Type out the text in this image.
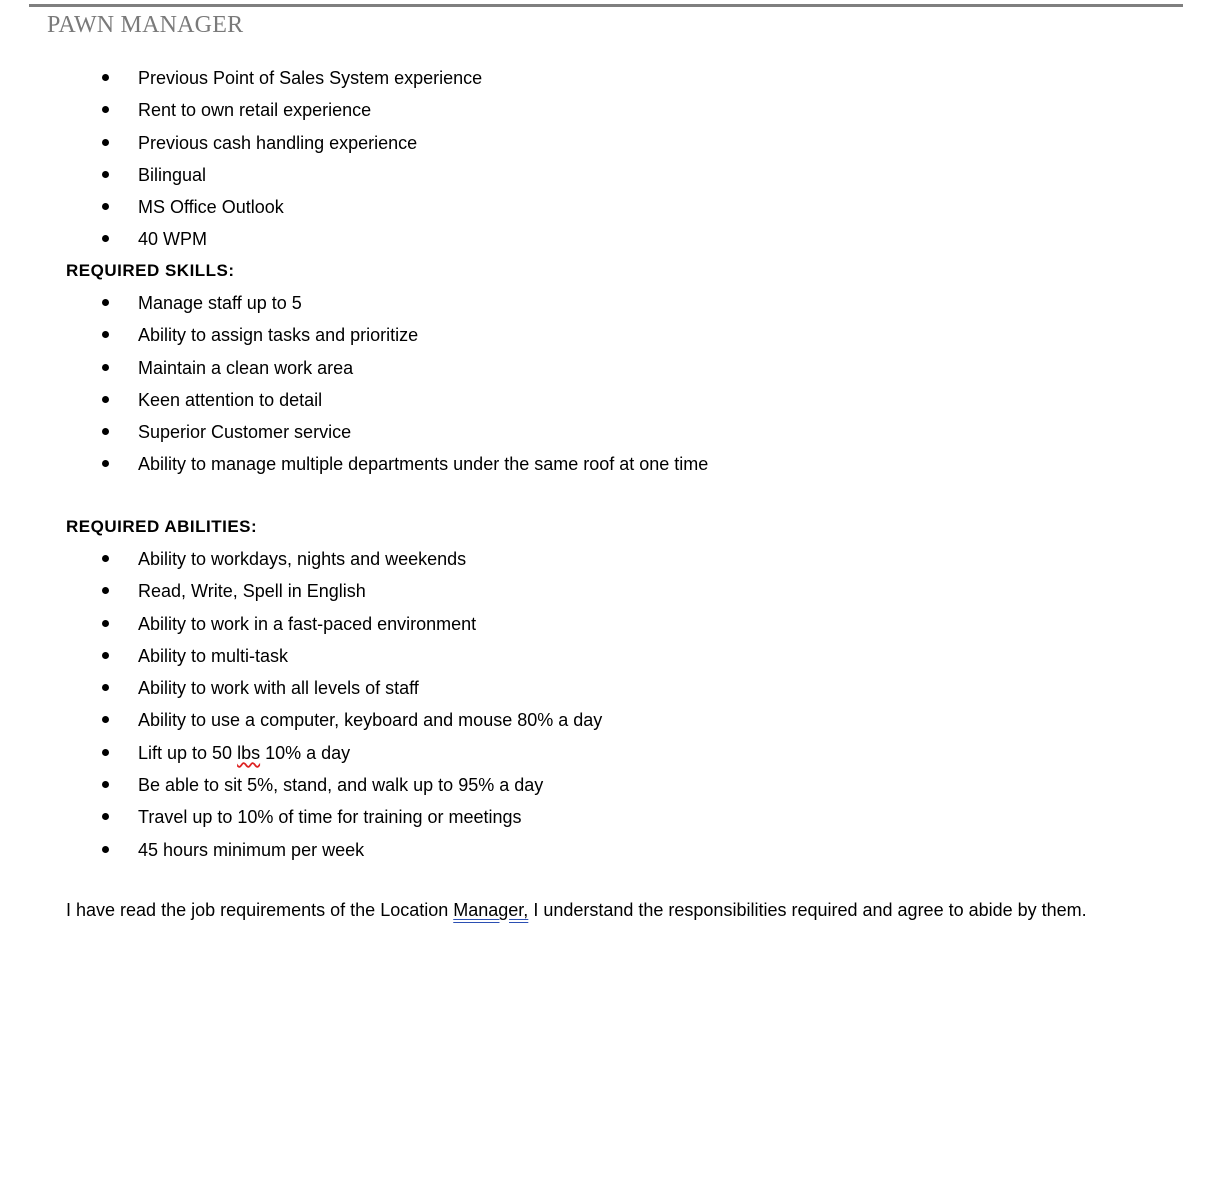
PAWN MANAGER
Previous Point of Sales System experience
Rent to own retail experience
Previous cash handling experience
Bilingual
MS Office Outlook
40 WPM
REQUIRED SKILLS:
Manage staff up to 5
Ability to assign tasks and prioritize
Maintain a clean work area
Keen attention to detail
Superior Customer service
Ability to manage multiple departments under the same roof at one time
REQUIRED ABILITIES:
Ability to workdays, nights and weekends
Read, Write, Spell in English
Ability to work in a fast-paced environment
Ability to multi-task
Ability to work with all levels of staff
Ability to use a computer, keyboard and mouse 80% a day
Lift up to 50 lbs 10% a day
Be able to sit 5%, stand, and walk up to 95% a day
Travel up to 10% of time for training or meetings
45 hours minimum per week
I have read the job requirements of the Location Manager, I understand the responsibilities required and agree to abide by them.
